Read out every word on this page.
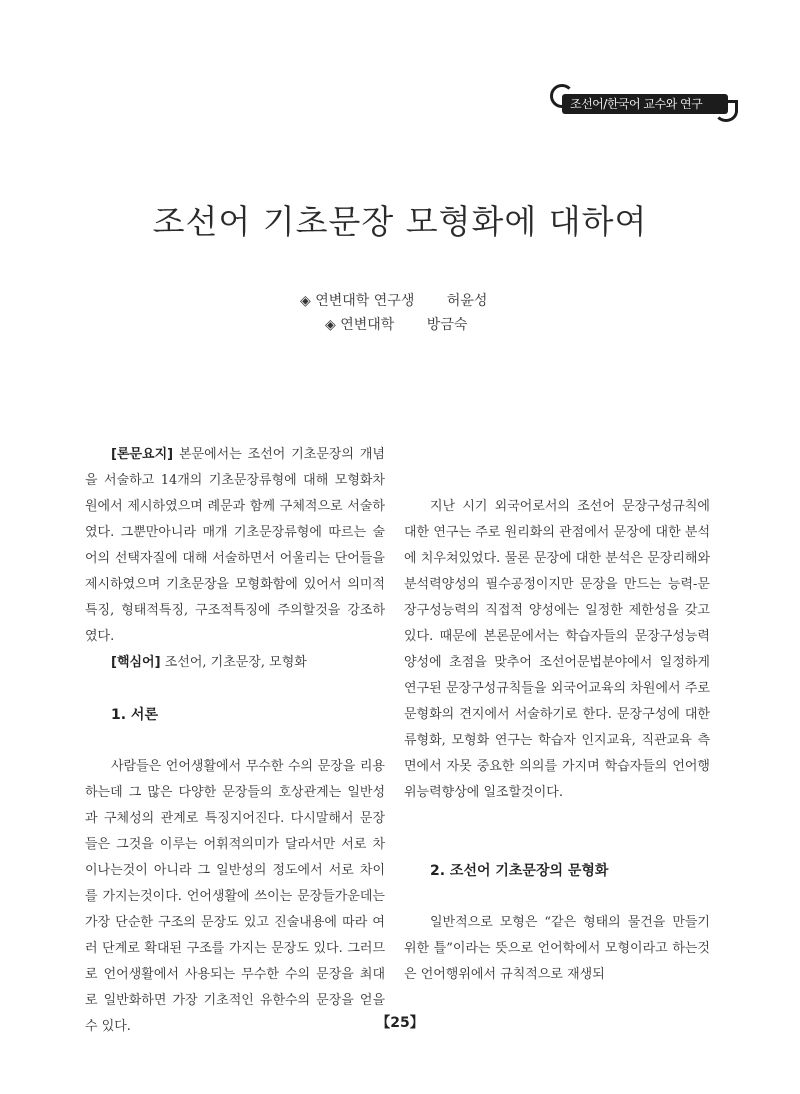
조선어/한국어 교수와 연구
조선어 기초문장 모형화에 대하여
◈ 연변대학 연구생 허윤성
◈ 연변대학 방금숙

[론문요지] 본문에서는 조선어 기초문장의 개념을 서술하고 14개의 기초문장류형에 대해 모형화차원에서 제시하였으며 례문과 함께 구체적으로 서술하였다. 그뿐만아니라 매개 기초문장류형에 따르는 술어의 선택자질에 대해 서술하면서 어울리는 단어들을 제시하였으며 기초문장을 모형화함에 있어서 의미적특징, 형태적특징, 구조적특징에 주의할것을 강조하였다.

[핵심어] 조선어, 기초문장, 모형화

1. 서론

사람들은 언어생활에서 무수한 수의 문장을 리용하는데 그 많은 다양한 문장들의 호상관계는 일반성과 구체성의 관계로 특징지어진다. 다시말해서 문장들은 그것을 이루는 어휘적의미가 달라서만 서로 차이나는것이 아니라 그 일반성의 정도에서 서로 차이를 가지는것이다. 언어생활에 쓰이는 문장들가운데는 가장 단순한 구조의 문장도 있고 진술내용에 따라 여러 단계로 확대된 구조를 가지는 문장도 있다. 그러므로 언어생활에서 사용되는 무수한 수의 문장을 최대로 일반화하면 가장 기초적인 유한수의 문장을 얻을수 있다.

지난 시기 외국어로서의 조선어 문장구성규칙에 대한 연구는 주로 원리화의 관점에서 문장에 대한 분석에 치우쳐있었다. 물론 문장에 대한 분석은 문장리해와 분석력양성의 필수공정이지만 문장을 만드는 능력-문장구성능력의 직접적 양성에는 일정한 제한성을 갖고있다. 때문에 본론문에서는 학습자들의 문장구성능력양성에 초점을 맞추어 조선어문법분야에서 일정하게 연구된 문장구성규칙들을 외국어교육의 차원에서 주로 문형화의 견지에서 서술하기로 한다. 문장구성에 대한 류형화, 모형화 연구는 학습자 인지교육, 직관교육 측면에서 자못 중요한 의의를 가지며 학습자들의 언어행위능력향상에 일조할것이다.

2. 조선어 기초문장의 문형화

일반적으로 모형은 “같은 형태의 물건을 만들기 위한 틀”이라는 뜻으로 언어학에서 모형이라고 하는것은 언어행위에서 규칙적으로 재생되

【25】
